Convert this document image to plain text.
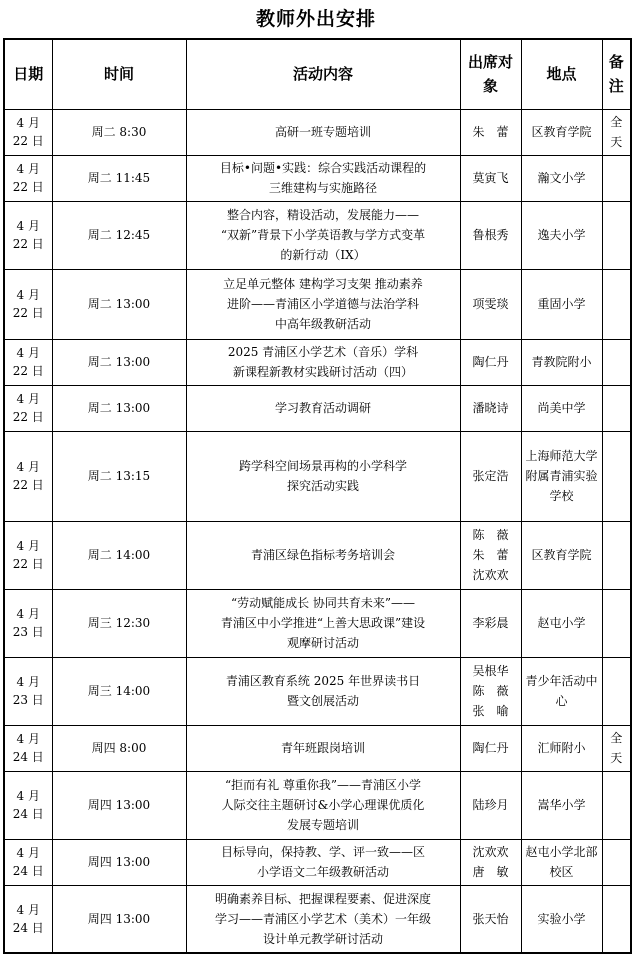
教师外出安排
日期	时间	活动内容	出席对象	地点	备注
4 月 22 日	周二 8:30	高研一班专题培训	朱　蕾	区教育学院	全天
4 月 22 日	周二 11:45	目标•问题•实践：综合实践活动课程的
三维建构与实施路径	莫寅飞	瀚文小学	
4 月 22 日	周二 12:45	整合内容，精设活动，发展能力——
“双新”背景下小学英语教与学方式变革
的新行动（IX）	鲁根秀	逸夫小学	
4 月 22 日	周二 13:00	立足单元整体 建构学习支架 推动素养
进阶——青浦区小学道德与法治学科
中高年级教研活动	项雯琰	重固小学	
4 月 22 日	周二 13:00	2025 青浦区小学艺术（音乐）学科
新课程新教材实践研讨活动（四）	陶仁丹	青教院附小	
4 月 22 日	周二 13:00	学习教育活动调研	潘晓诗	尚美中学	
4 月 22 日	周二 13:15	跨学科空间场景再构的小学科学
探究活动实践	张定浩	上海师范大学附属青浦实验学校	
4 月 22 日	周二 14:00	青浦区绿色指标考务培训会	陈　薇
朱　蕾
沈欢欢	区教育学院	
4 月 23 日	周三 12:30	“劳动赋能成长 协同共育未来”——
青浦区中小学推进“上善大思政课”建设
观摩研讨活动	李彩晨	赵屯小学	
4 月 23 日	周三 14:00	青浦区教育系统 2025 年世界读书日
暨文创展活动	吴根华
陈　薇
张　喻	青少年活动中心	
4 月 24 日	周四 8:00	青年班跟岗培训	陶仁丹	汇师附小	全天
4 月 24 日	周四 13:00	“拒而有礼 尊重你我”——青浦区小学
人际交往主题研讨&小学心理课优质化
发展专题培训	陆珍月	嵩华小学	
4 月 24 日	周四 13:00	目标导向，保持教、学、评一致——区
小学语文二年级教研活动	沈欢欢
唐　敏	赵屯小学北部校区	
4 月 24 日	周四 13:00	明确素养目标、把握课程要素、促进深度
学习——青浦区小学艺术（美术）一年级
设计单元教学研讨活动	张天怡	实验小学	
